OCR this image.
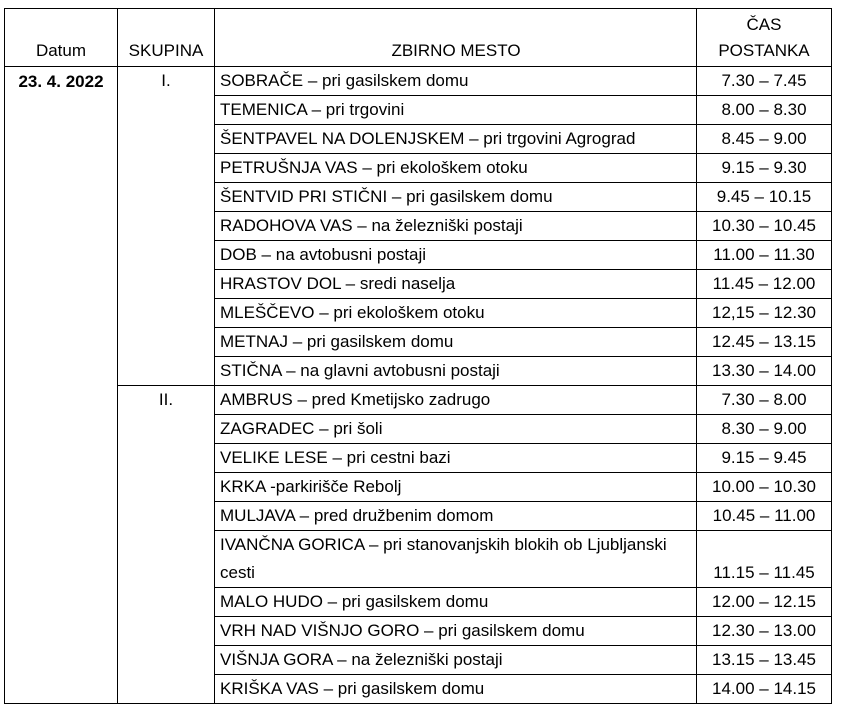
Datum	SKUPINA	ZBIRNO MESTO	ČAS
POSTANKA

23. 4. 2022	I.	SOBRAČE – pri gasilskem domu	7.30 – 7.45
		TEMENICA – pri trgovini	8.00 – 8.30
		ŠENTPAVEL NA DOLENJSKEM – pri trgovini Agrograd	8.45 – 9.00
		PETRUŠNJA VAS – pri ekološkem otoku	9.15 – 9.30
		ŠENTVID PRI STIČNI – pri gasilskem domu	9.45 – 10.15
		RADOHOVA VAS – na železniški postaji	10.30 – 10.45
		DOB – na avtobusni postaji	11.00 – 11.30
		HRASTOV DOL – sredi naselja	11.45 – 12.00
		MLEŠČEVO – pri ekološkem otoku	12,15 – 12.30
		METNAJ – pri gasilskem domu	12.45 – 13.15
		STIČNA – na glavni avtobusni postaji	13.30 – 14.00
	II.	AMBRUS – pred Kmetijsko zadrugo	7.30 – 8.00
		ZAGRADEC – pri šoli	8.30 – 9.00
		VELIKE LESE – pri cestni bazi	9.15 – 9.45
		KRKA -parkirišče Rebolj	10.00 – 10.30
		MULJAVA – pred družbenim domom	10.45 – 11.00
		IVANČNA GORICA – pri stanovanjskih blokih ob Ljubljanski cesti	11.15 – 11.45
		MALO HUDO – pri gasilskem domu	12.00 – 12.15
		VRH NAD VIŠNJO GORO – pri gasilskem domu	12.30 – 13.00
		VIŠNJA GORA – na železniški postaji	13.15 – 13.45
		KRIŠKA VAS – pri gasilskem domu	14.00 – 14.15
